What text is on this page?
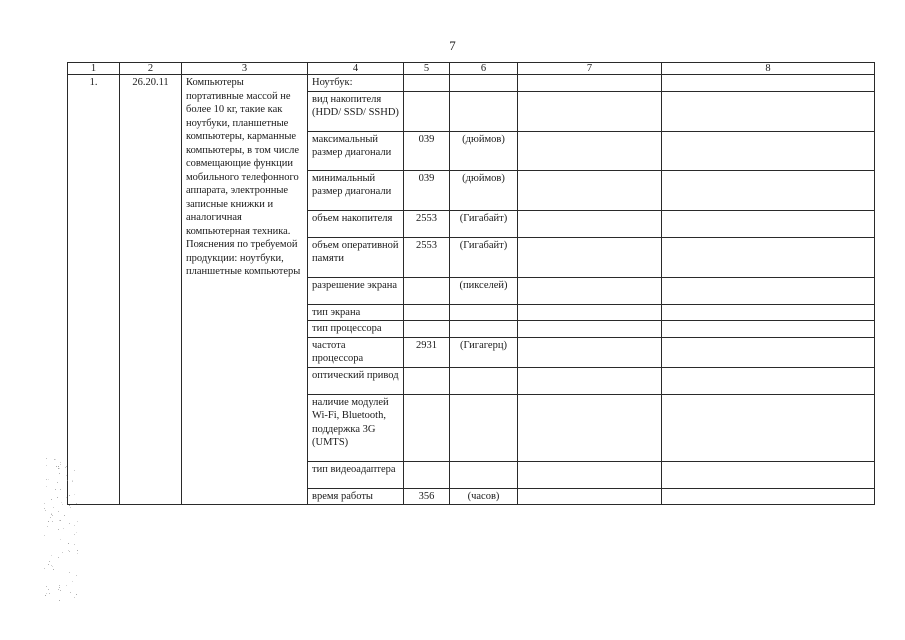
7
1	2	3	4	5	6	7	8
1.	26.20.11	Компьютеры портативные массой не более 10 кг, такие как ноутбуки, планшетные компьютеры, карманные компьютеры, в том числе совмещающие функции мобильного телефонного аппарата, электронные записные книжки и аналогичная компьютерная техника.
Пояснения по требуемой продукции: ноутбуки, планшетные компьютеры	Ноутбук:				
			вид накопителя (HDD/ SSD/ SSHD)				
			максимальный размер диагонали	039	(дюймов)		
			минимальный размер диагонали	039	(дюймов)		
			объем накопителя	2553	(Гигабайт)		
			объем оперативной памяти	2553	(Гигабайт)		
			разрешение экрана		(пикселей)		
			тип экрана				
			тип процессора				
			частота процессора	2931	(Гигагерц)		
			оптический привод				
			наличие модулей Wi-Fi, Bluetooth, поддержка 3G (UMTS)				
			тип видеоадаптера				
			время работы	356	(часов)		
